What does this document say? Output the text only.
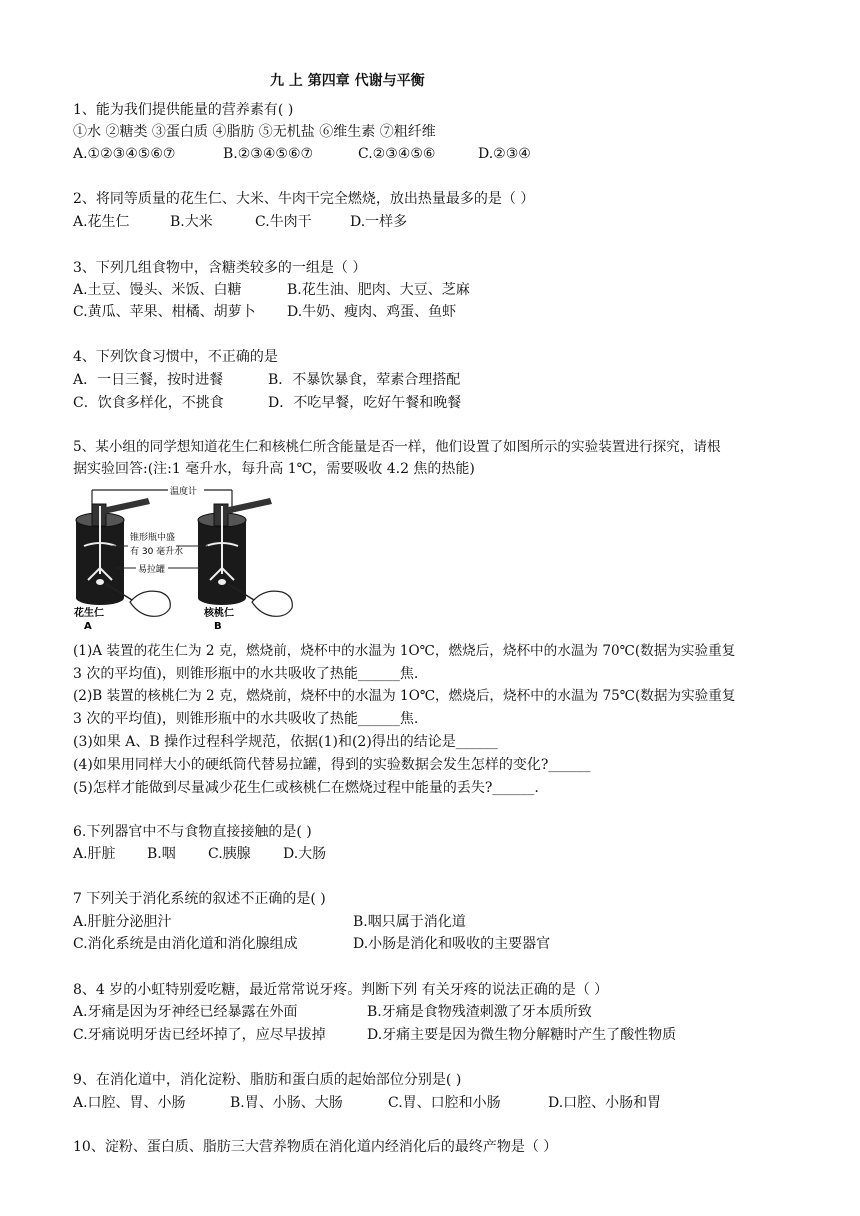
九 上 第四章 代谢与平衡
1、能为我们提供能量的营养素有( )
①水 ②糖类 ③蛋白质 ④脂肪 ⑤无机盐 ⑥维生素 ⑦粗纤维
A.①②③④⑤⑥⑦	B.②③④⑤⑥⑦	C.②③④⑤⑥	D.②③④
2、将同等质量的花生仁、大米、牛肉干完全燃烧，放出热量最多的是（ ）
A.花生仁	B.大米	C.牛肉干	D.一样多
3、下列几组食物中，含糖类较多的一组是（ ）
A.土豆、馒头、米饭、白糖	B.花生油、肥肉、大豆、芝麻
C.黄瓜、苹果、柑橘、胡萝卜 D.牛奶、瘦肉、鸡蛋、鱼虾
4、下列饮食习惯中，不正确的是
A．一日三餐，按时进餐	B．不暴饮暴食，荤素合理搭配
C．饮食多样化，不挑食	D．不吃早餐，吃好午餐和晚餐
5、某小组的同学想知道花生仁和核桃仁所含能量是否一样，他们设置了如图所示的实验装置进行探究，请根
据实验回答:(注:1 毫升水，每升高 1℃，需要吸收 4.2 焦的热能)
温度计
锥形瓶中盛
有 30 毫升水
易拉罐
花生仁
A
核桃仁
B
(1)A 装置的花生仁为 2 克，燃烧前，烧杯中的水温为 1O℃，燃烧后，烧杯中的水温为 70℃(数据为实验重复
3 次的平均值)，则锥形瓶中的水共吸收了热能______焦.
(2)B 装置的核桃仁为 2 克，燃烧前，烧杯中的水温为 1O℃，燃烧后，烧杯中的水温为 75℃(数据为实验重复
3 次的平均值)，则锥形瓶中的水共吸收了热能______焦.
(3)如果 A、B 操作过程科学规范，依据(1)和(2)得出的结论是______
(4)如果用同样大小的硬纸筒代替易拉罐，得到的实验数据会发生怎样的变化?______
(5)怎样才能做到尽量减少花生仁或核桃仁在燃烧过程中能量的丢失?______.
6.下列器官中不与食物直接接触的是( )
A.肝脏 B.咽 C.胰腺 D.大肠
7 下列关于消化系统的叙述不正确的是( )
A.肝脏分泌胆汁	B.咽只属于消化道
C.消化系统是由消化道和消化腺组成	D.小肠是消化和吸收的主要器官
8、4 岁的小虹特别爱吃糖，最近常常说牙疼。判断下列 有关牙疼的说法正确的是（ ）
A.牙痛是因为牙神经已经暴露在外面	B.牙痛是食物残渣刺激了牙本质所致
C.牙痛说明牙齿已经坏掉了，应尽早拔掉	D.牙痛主要是因为微生物分解糖时产生了酸性物质
9、在消化道中，消化淀粉、脂肪和蛋白质的起始部位分别是( )
A.口腔、胃、小肠	B.胃、小肠、大肠	C.胃、口腔和小肠	D.口腔、小肠和胃
10、淀粉、蛋白质、脂肪三大营养物质在消化道内经消化后的最终产物是（ ）
